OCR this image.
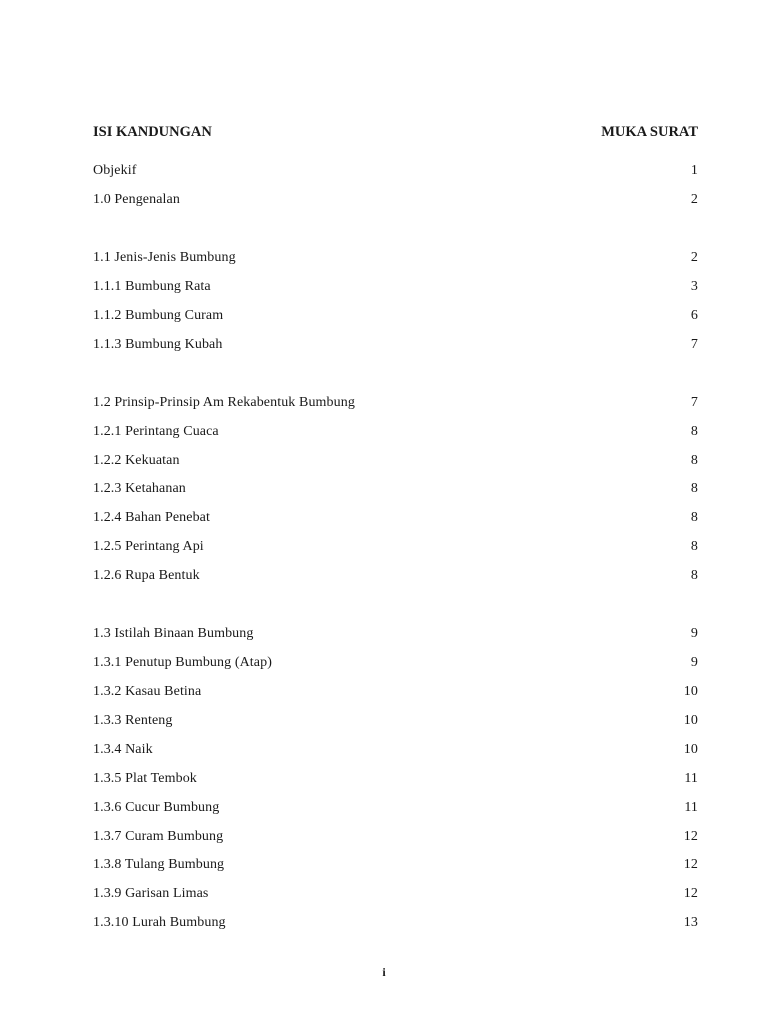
ISI KANDUNGAN	MUKA SURAT
Objekif	1
1.0 Pengenalan	2
1.1 Jenis-Jenis Bumbung	2
1.1.1 Bumbung Rata	3
1.1.2 Bumbung Curam	6
1.1.3 Bumbung Kubah	7
1.2 Prinsip-Prinsip Am Rekabentuk Bumbung	7
1.2.1 Perintang Cuaca	8
1.2.2 Kekuatan	8
1.2.3 Ketahanan	8
1.2.4 Bahan Penebat	8
1.2.5 Perintang Api	8
1.2.6 Rupa Bentuk	8
1.3 Istilah Binaan Bumbung	9
1.3.1 Penutup Bumbung (Atap)	9
1.3.2 Kasau Betina	10
1.3.3 Renteng	10
1.3.4 Naik	10
1.3.5 Plat Tembok	11
1.3.6 Cucur Bumbung	11
1.3.7 Curam Bumbung	12
1.3.8 Tulang Bumbung	12
1.3.9 Garisan Limas	12
1.3.10 Lurah Bumbung	13
i
